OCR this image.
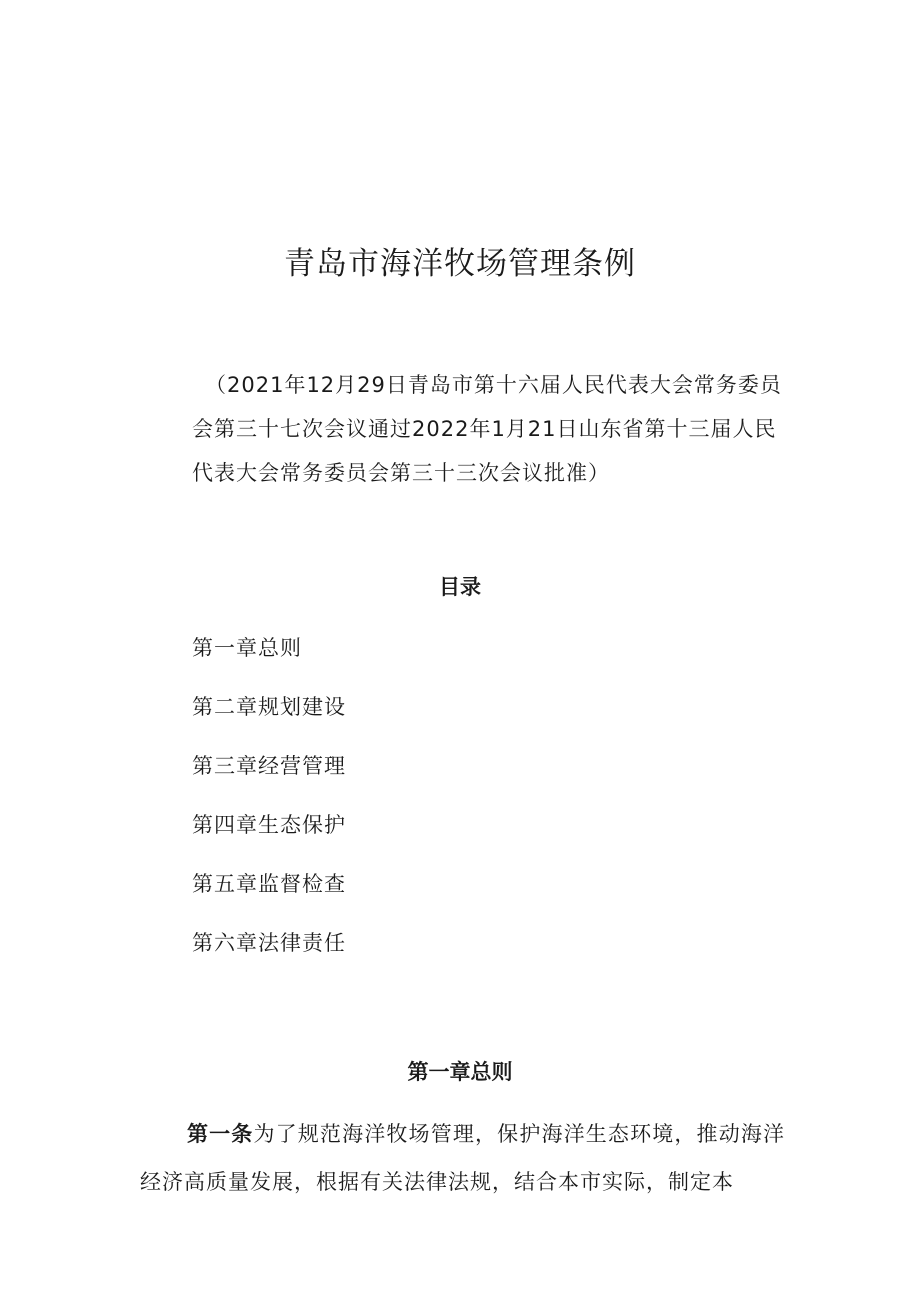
青岛市海洋牧场管理条例

（2021年12月29日青岛市第十六届人民代表大会常务委员会第三十七次会议通过2022年1月21日山东省第十三届人民代表大会常务委员会第三十三次会议批准）

目录
第一章总则
第二章规划建设
第三章经营管理
第四章生态保护
第五章监督检查
第六章法律责任
第一章总则

第一条为了规范海洋牧场管理，保护海洋生态环境，推动海洋经济高质量发展，根据有关法律法规，结合本市实际，制定本
